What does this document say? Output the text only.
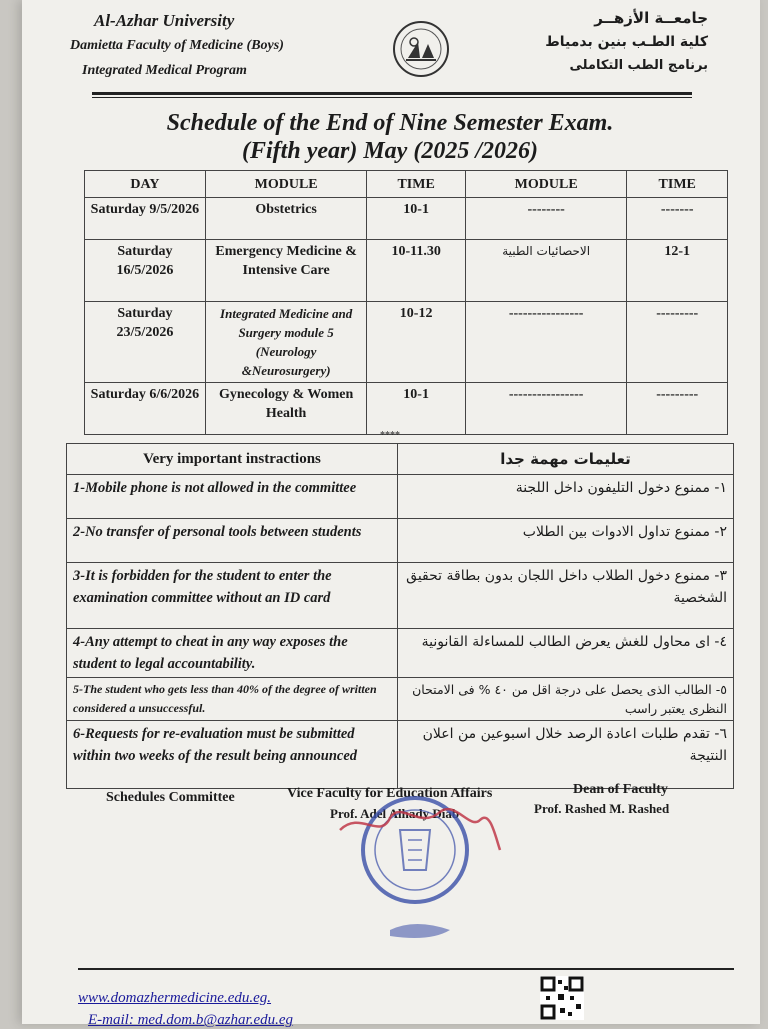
Al-Azhar University
Damietta Faculty of Medicine (Boys)
Integrated Medical Program
جامعــة الأزهــر
كلية الطـب بنين بدمياط
برنامج الطب التكاملى
Schedule of the End of Nine Semester Exam.
(Fifth year) May (2025 /2026)
DAY	MODULE	TIME	MODULE	TIME
Saturday 9/5/2026	Obstetrics	10-1	--------	-------
Saturday 16/5/2026	Emergency Medicine & Intensive Care	10-11.30	الاحصائيات الطبية	12-1
Saturday 23/5/2026	Integrated Medicine and Surgery module 5 (Neurology &Neurosurgery)	10-12	----------------	---------
Saturday 6/6/2026	Gynecology & Women Health	10-1	----------------	---------
****
Very important instractions	تعليمات مهمة جدا
1-Mobile phone is not allowed in the committee	١- ممنوع دخول التليفون داخل اللجنة
2-No transfer of personal tools between students	٢- ممنوع تداول الادوات بين الطلاب
3-It is forbidden for the student to enter the examination committee without an ID card	٣- ممنوع دخول الطلاب داخل اللجان بدون بطاقة تحقيق الشخصية
4-Any attempt to cheat in any way exposes the student to legal accountability.	٤- اى محاول للغش يعرض الطالب للمساءلة القانونية
5-The student who gets less than 40% of the degree of written considered a unsuccessful.	٥- الطالب الذى يحصل على درجة اقل من ٤٠ % فى الامتحان النظرى يعتبر راسب
6-Requests for re-evaluation must be submitted within two weeks of the result being announced	٦- تقدم طلبات اعادة الرصد خلال اسبوعين من اعلان النتيجة
Schedules Committee	Vice Faculty for Education Affairs
Prof. Adel Alhady Diab
Dean of Faculty
Prof. Rashed M. Rashed
www.domazhermedicine.edu.eg.
E-mail: med.dom.b@azhar.edu.eg
